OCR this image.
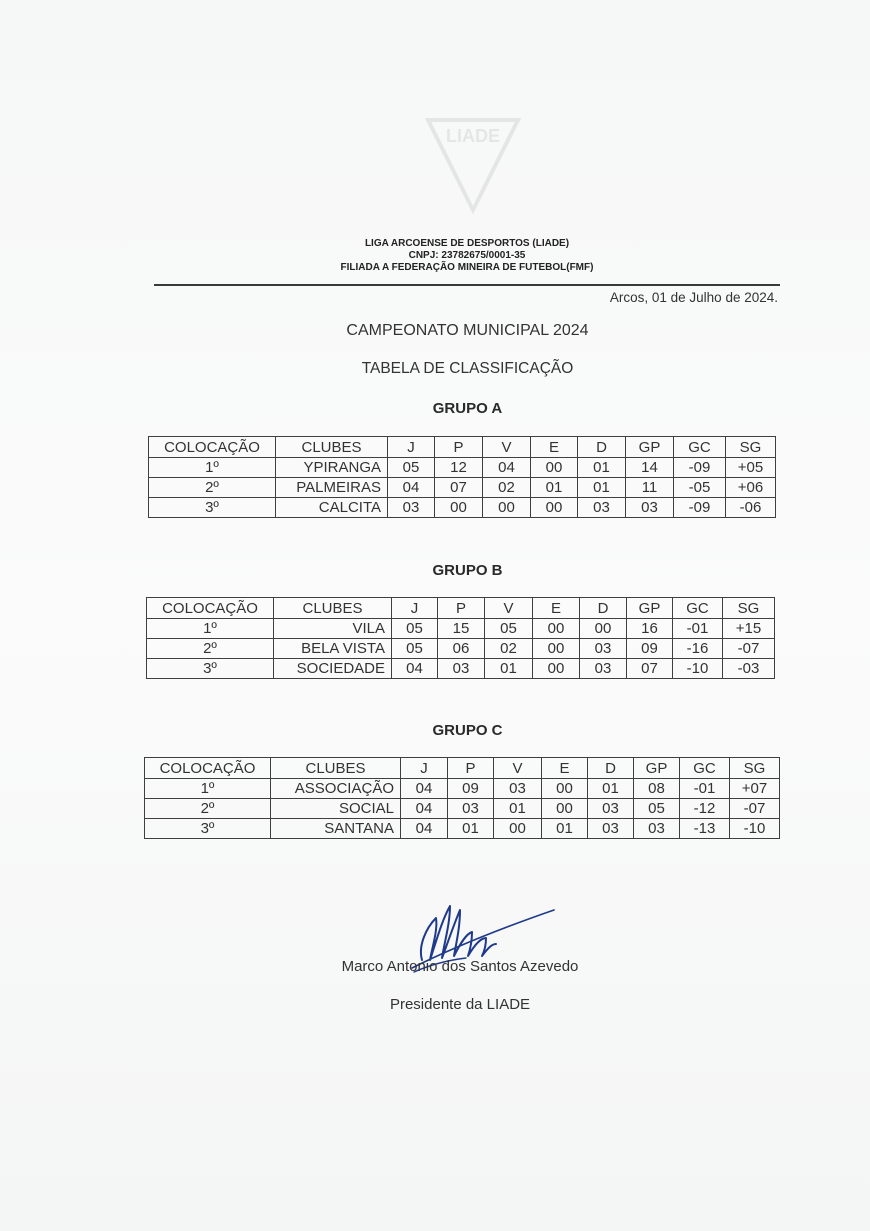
LIADE
LIGA ARCOENSE DE DESPORTOS (LIADE)
CNPJ: 23782675/0001-35
FILIADA A FEDERAÇÃO MINEIRA DE FUTEBOL(FMF)
Arcos, 01 de Julho de 2024.
CAMPEONATO MUNICIPAL 2024
TABELA DE CLASSIFICAÇÃO
GRUPO A
COLOCAÇÃO	CLUBES	J	P	V	E	D	GP	GC	SG
1º	YPIRANGA	05	12	04	00	01	14	-09	+05
2º	PALMEIRAS	04	07	02	01	01	11	-05	+06
3º	CALCITA	03	00	00	00	03	03	-09	-06
GRUPO B
COLOCAÇÃO	CLUBES	J	P	V	E	D	GP	GC	SG
1º	VILA	05	15	05	00	00	16	-01	+15
2º	BELA VISTA	05	06	02	00	03	09	-16	-07
3º	SOCIEDADE	04	03	01	00	03	07	-10	-03
GRUPO C
COLOCAÇÃO	CLUBES	J	P	V	E	D	GP	GC	SG
1º	ASSOCIAÇÃO	04	09	03	00	01	08	-01	+07
2º	SOCIAL	04	03	01	00	03	05	-12	-07
3º	SANTANA	04	01	00	01	03	03	-13	-10
Marco Antonio dos Santos Azevedo
Presidente da LIADE
